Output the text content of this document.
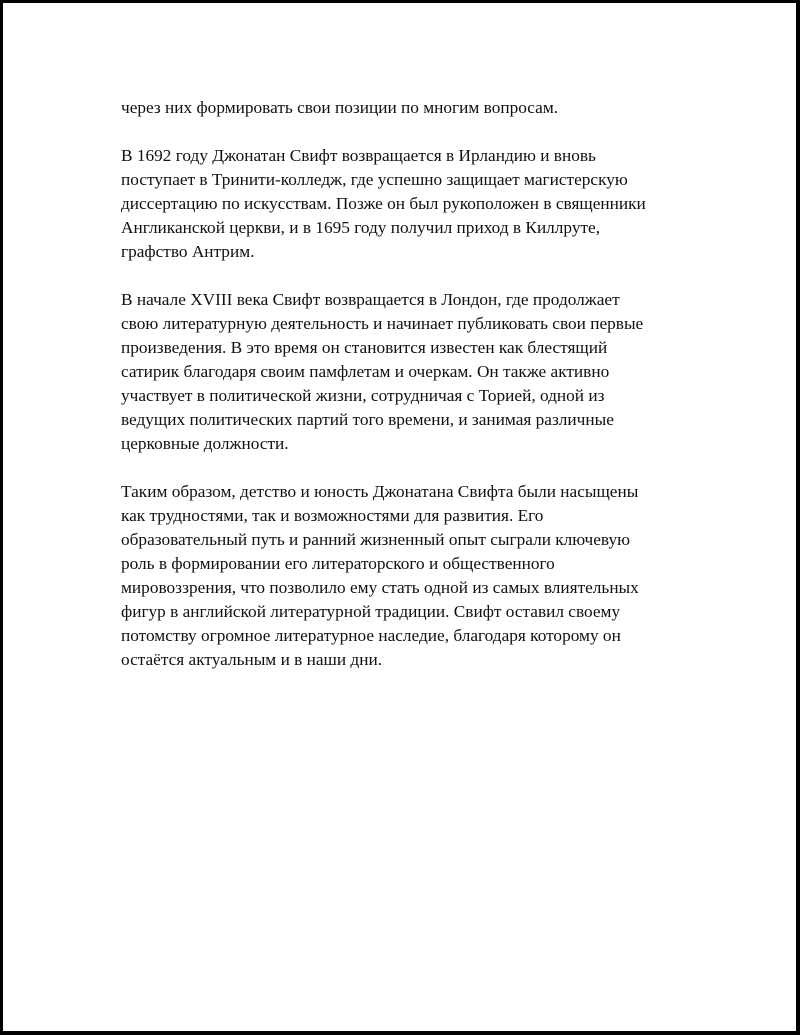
через них формировать свои позиции по многим вопросам.

В 1692 году Джонатан Свифт возвращается в Ирландию и вновь
поступает в Тринити-колледж, где успешно защищает магистерскую
диссертацию по искусствам. Позже он был рукоположен в священники
Англиканской церкви, и в 1695 году получил приход в Киллруте,
графство Антрим.

В начале XVIII века Свифт возвращается в Лондон, где продолжает
свою литературную деятельность и начинает публиковать свои первые
произведения. В это время он становится известен как блестящий
сатирик благодаря своим памфлетам и очеркам. Он также активно
участвует в политической жизни, сотрудничая с Торией, одной из
ведущих политических партий того времени, и занимая различные
церковные должности.

Таким образом, детство и юность Джонатана Свифта были насыщены
как трудностями, так и возможностями для развития. Его
образовательный путь и ранний жизненный опыт сыграли ключевую
роль в формировании его литераторского и общественного
мировоззрения, что позволило ему стать одной из самых влиятельных
фигур в английской литературной традиции. Свифт оставил своему
потомству огромное литературное наследие, благодаря которому он
остаётся актуальным и в наши дни.
